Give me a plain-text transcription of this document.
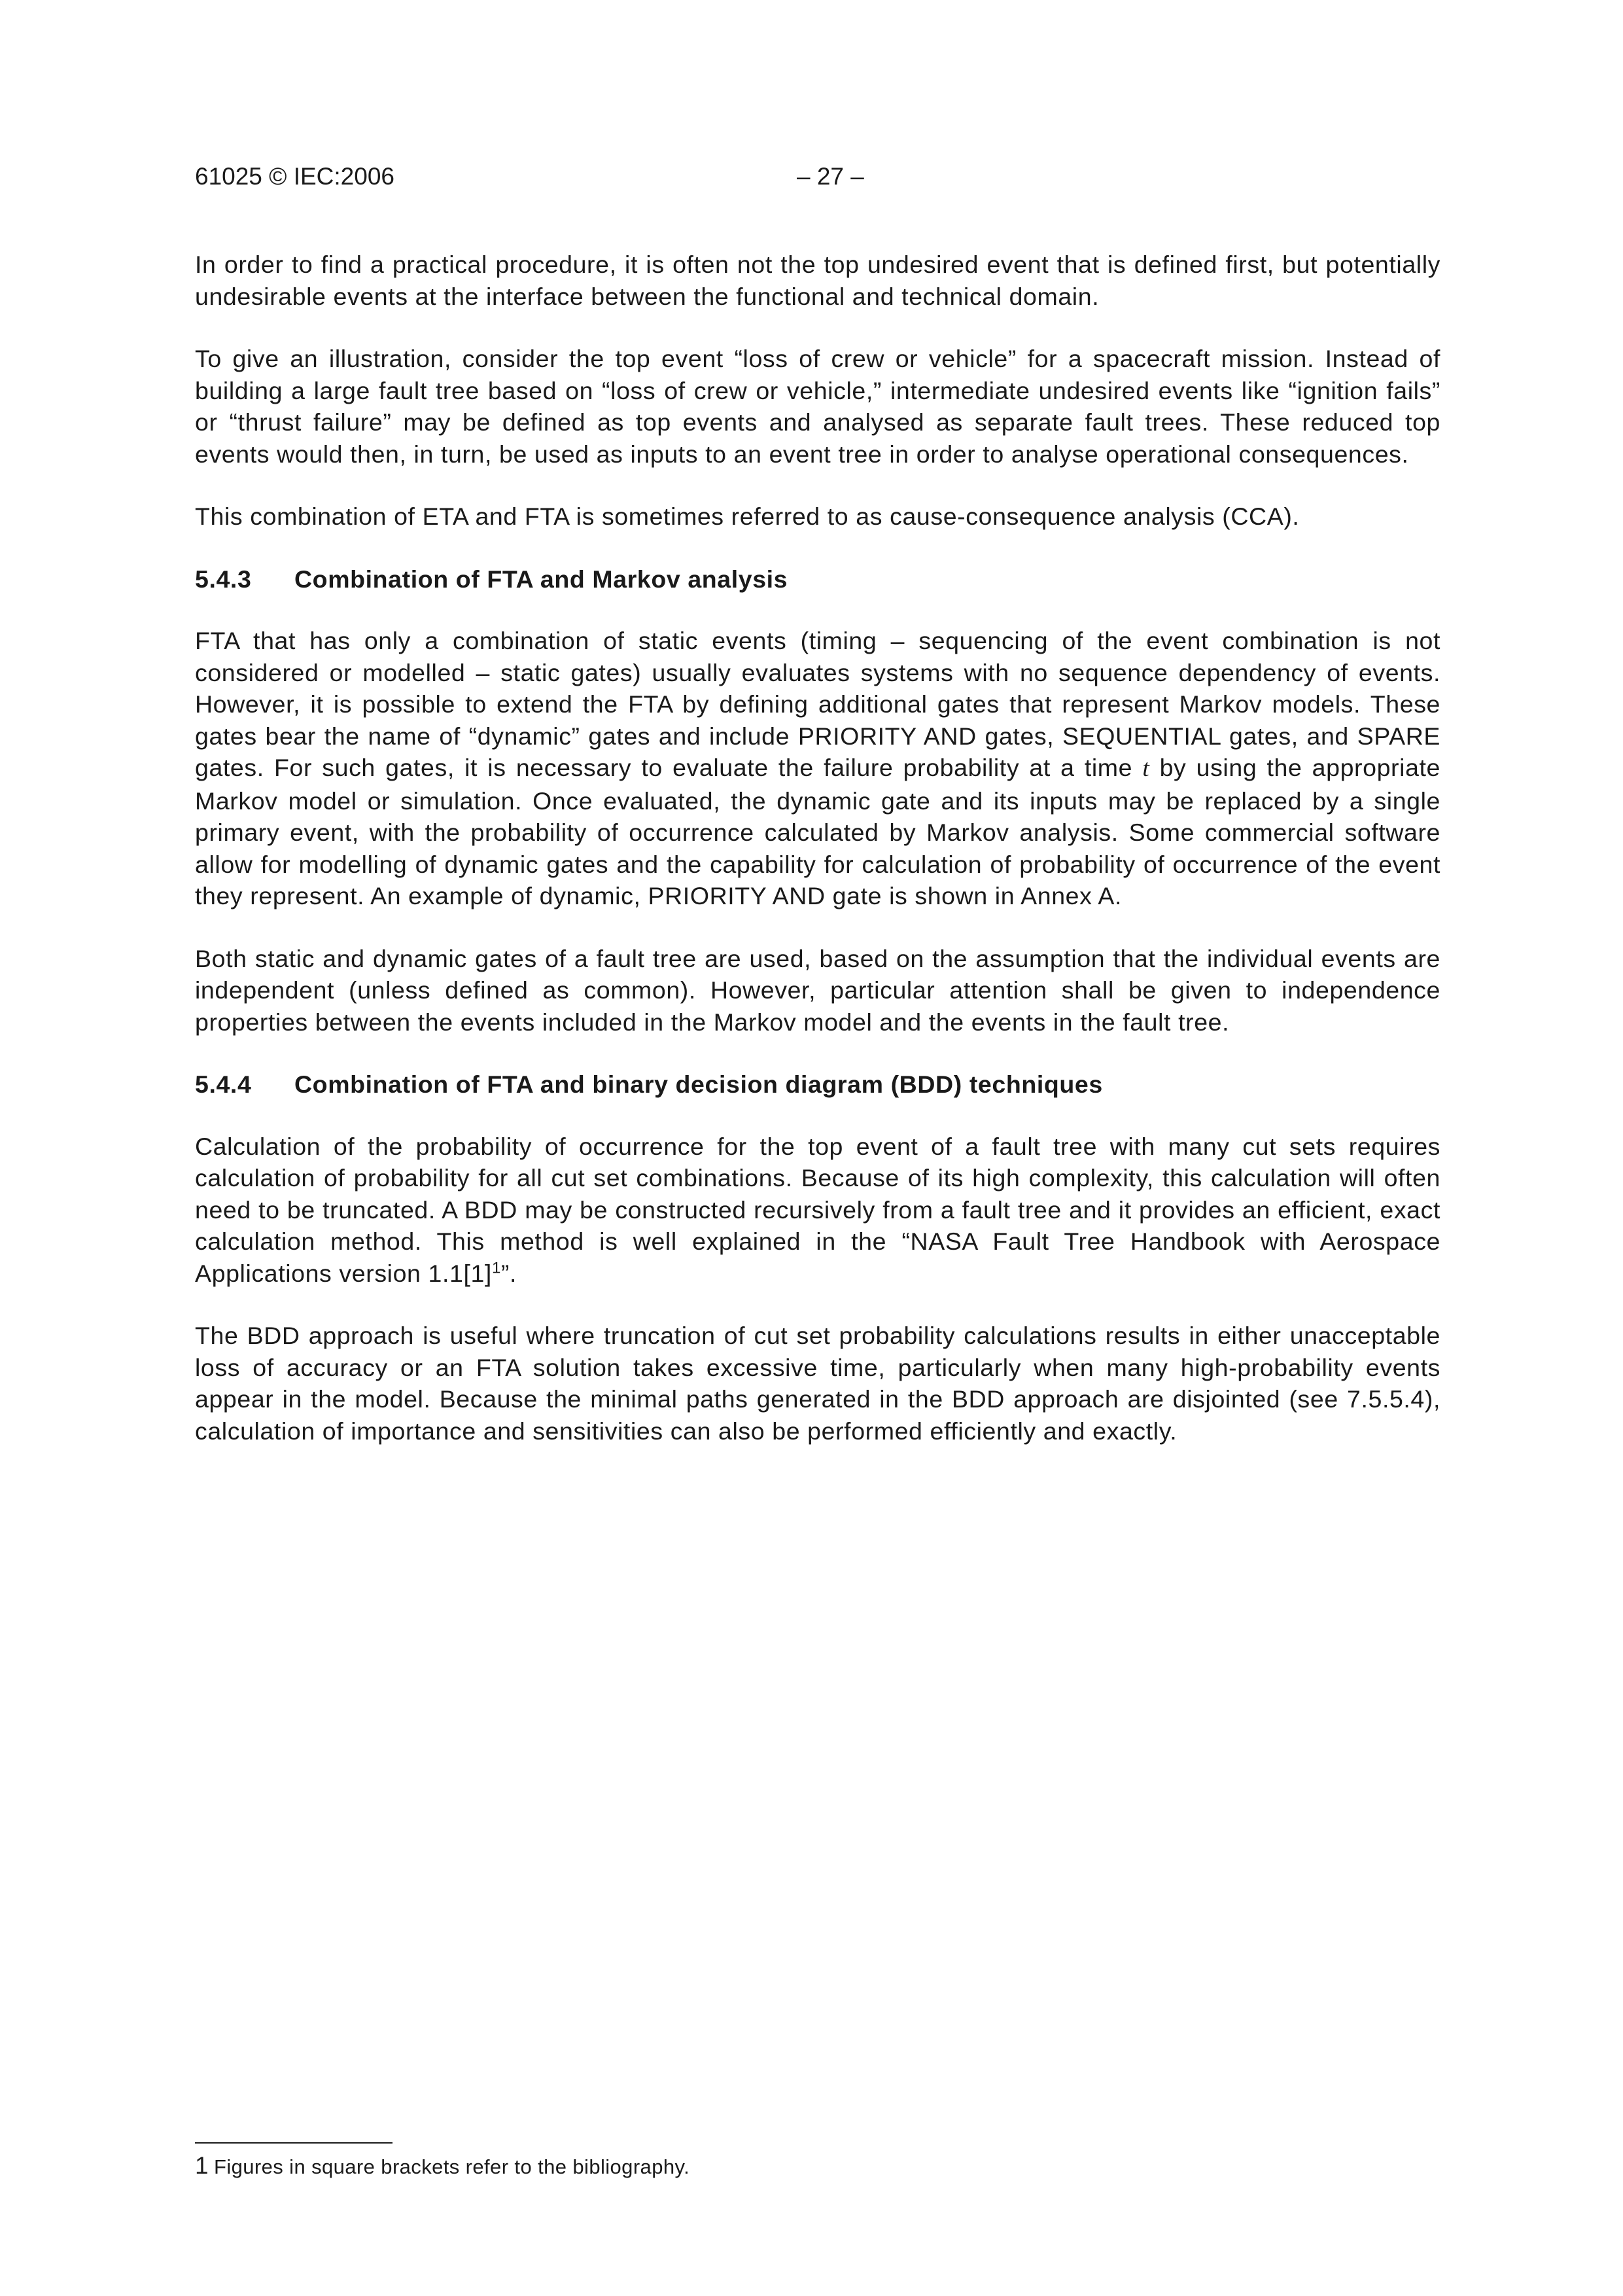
61025 © IEC:2006	– 27 –

In order to find a practical procedure, it is often not the top undesired event that is defined first, but potentially undesirable events at the interface between the functional and technical domain.

To give an illustration, consider the top event “loss of crew or vehicle” for a spacecraft mission. Instead of building a large fault tree based on “loss of crew or vehicle,” intermediate undesired events like “ignition fails” or “thrust failure” may be defined as top events and analysed as separate fault trees. These reduced top events would then, in turn, be used as inputs to an event tree in order to analyse operational consequences.

This combination of ETA and FTA is sometimes referred to as cause-consequence analysis (CCA).

5.4.3 Combination of FTA and Markov analysis

FTA that has only a combination of static events (timing – sequencing of the event combination is not considered or modelled – static gates) usually evaluates systems with no sequence dependency of events. However, it is possible to extend the FTA by defining additional gates that represent Markov models. These gates bear the name of “dynamic” gates and include PRIORITY AND gates, SEQUENTIAL gates, and SPARE gates. For such gates, it is necessary to evaluate the failure probability at a time t by using the appropriate Markov model or simulation. Once evaluated, the dynamic gate and its inputs may be replaced by a single primary event, with the probability of occurrence calculated by Markov analysis. Some commercial software allow for modelling of dynamic gates and the capability for calculation of probability of occurrence of the event they represent. An example of dynamic, PRIORITY AND gate is shown in Annex A.

Both static and dynamic gates of a fault tree are used, based on the assumption that the individual events are independent (unless defined as common). However, particular attention shall be given to independence properties between the events included in the Markov model and the events in the fault tree.

5.4.4 Combination of FTA and binary decision diagram (BDD) techniques

Calculation of the probability of occurrence for the top event of a fault tree with many cut sets requires calculation of probability for all cut set combinations. Because of its high complexity, this calculation will often need to be truncated. A BDD may be constructed recursively from a fault tree and it provides an efficient, exact calculation method. This method is well explained in the “NASA Fault Tree Handbook with Aerospace Applications version $1.1[1]^1$”.

The BDD approach is useful where truncation of cut set probability calculations results in either unacceptable loss of accuracy or an FTA solution takes excessive time, particularly when many high-probability events appear in the model. Because the minimal paths generated in the BDD approach are disjointed (see 7.5.5.4), calculation of importance and sensitivities can also be performed efficiently and exactly.

1 Figures in square brackets refer to the bibliography.
